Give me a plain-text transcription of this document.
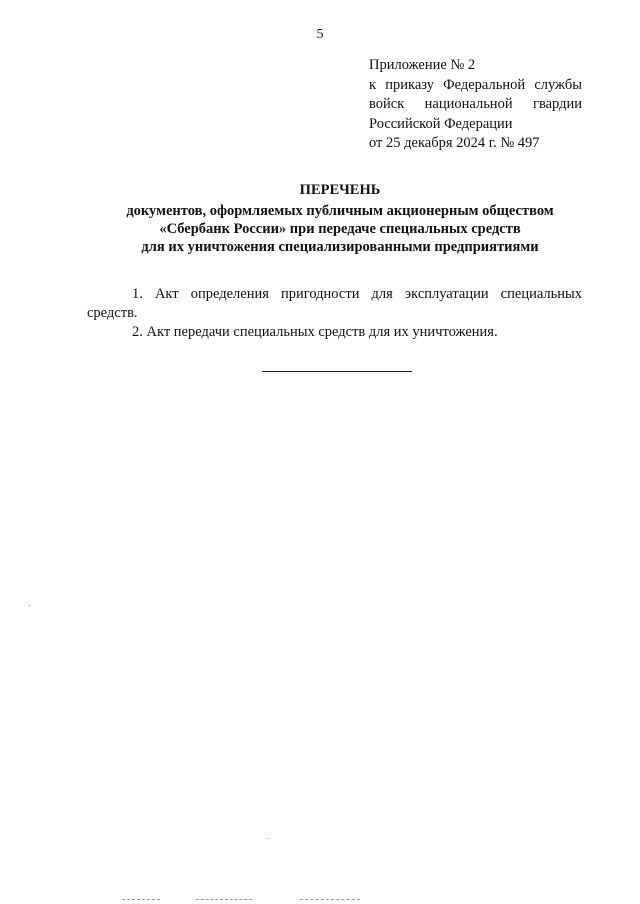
5
Приложение № 2
к приказу Федеральной службы
войск национальной гвардии
Российской Федерации
от 25 декабря 2024 г. № 497
ПЕРЕЧЕНЬ
документов, оформляемых публичным акционерным обществом
«Сбербанк России» при передаче специальных средств
для их уничтожения специализированными предприятиями
1. Акт определения пригодности для эксплуатации специальных средств.
2. Акт передачи специальных средств для их уничтожения.
